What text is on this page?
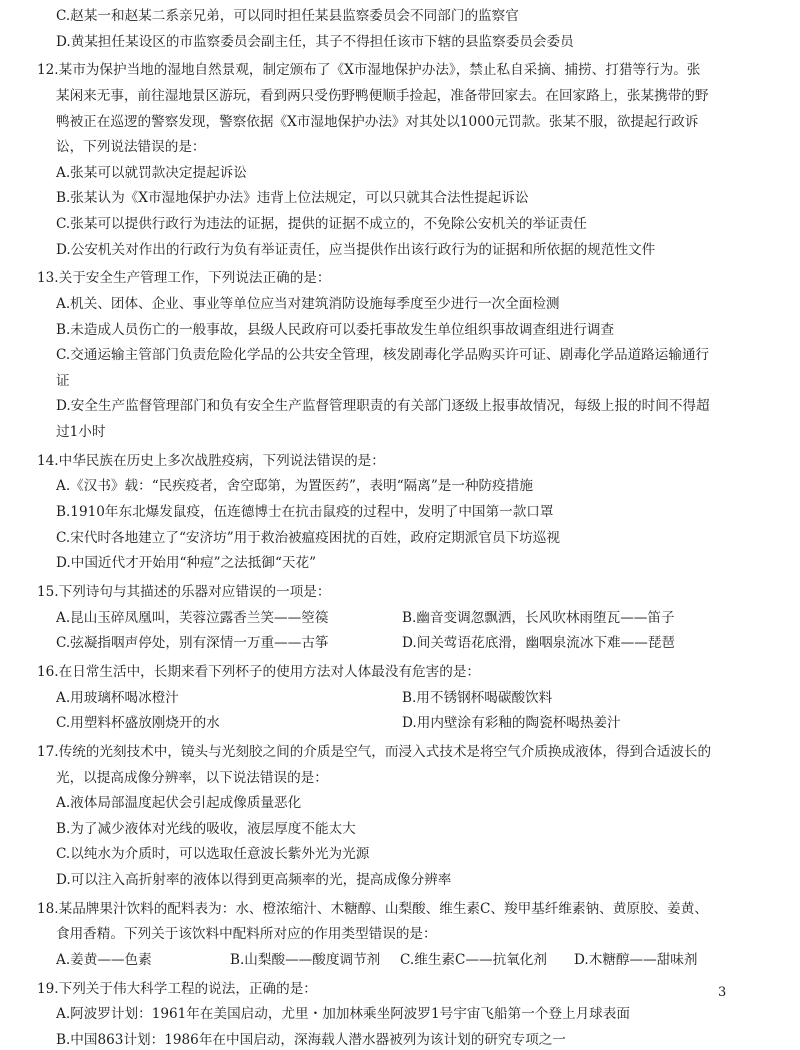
C.赵某一和赵某二系亲兄弟，可以同时担任某县监察委员会不同部门的监察官
D.黄某担任某设区的市监察委员会副主任，其子不得担任该市下辖的县监察委员会委员
12.某市为保护当地的湿地自然景观，制定颁布了《X市湿地保护办法》，禁止私自采摘、捕捞、打猎等行为。张
某闲来无事，前往湿地景区游玩，看到两只受伤野鸭便顺手捡起，准备带回家去。在回家路上，张某携带的野
鸭被正在巡逻的警察发现，警察依据《X市湿地保护办法》对其处以1000元罚款。张某不服，欲提起行政诉
讼，下列说法错误的是：
A.张某可以就罚款决定提起诉讼
B.张某认为《X市湿地保护办法》违背上位法规定，可以只就其合法性提起诉讼
C.张某可以提供行政行为违法的证据，提供的证据不成立的，不免除公安机关的举证责任
D.公安机关对作出的行政行为负有举证责任，应当提供作出该行政行为的证据和所依据的规范性文件
13.关于安全生产管理工作，下列说法正确的是：
A.机关、团体、企业、事业等单位应当对建筑消防设施每季度至少进行一次全面检测
B.未造成人员伤亡的一般事故，县级人民政府可以委托事故发生单位组织事故调查组进行调查
C.交通运输主管部门负责危险化学品的公共安全管理，核发剧毒化学品购买许可证、剧毒化学品道路运输通行
证
D.安全生产监督管理部门和负有安全生产监督管理职责的有关部门逐级上报事故情况，每级上报的时间不得超
过1小时
14.中华民族在历史上多次战胜疫病，下列说法错误的是：
A.《汉书》载：“民疾疫者，舍空邸第，为置医药”，表明“隔离”是一种防疫措施
B.1910年东北爆发鼠疫，伍连德博士在抗击鼠疫的过程中，发明了中国第一款口罩
C.宋代时各地建立了“安济坊”用于救治被瘟疫困扰的百姓，政府定期派官员下坊巡视
D.中国近代才开始用“种痘”之法抵御“天花”
15.下列诗句与其描述的乐器对应错误的一项是：
A.昆山玉碎凤凰叫，芙蓉泣露香兰笑——箜篌	B.幽音变调忽飘洒，长风吹林雨堕瓦——笛子
C.弦凝指咽声停处，别有深情一万重——古筝	D.间关莺语花底滑，幽咽泉流冰下难——琵琶
16.在日常生活中，长期来看下列杯子的使用方法对人体最没有危害的是：
A.用玻璃杯喝冰橙汁	B.用不锈钢杯喝碳酸饮料
C.用塑料杯盛放刚烧开的水	D.用内壁涂有彩釉的陶瓷杯喝热姜汁
17.传统的光刻技术中，镜头与光刻胶之间的介质是空气，而浸入式技术是将空气介质换成液体，得到合适波长的
光，以提高成像分辨率，以下说法错误的是：
A.液体局部温度起伏会引起成像质量恶化
B.为了减少液体对光线的吸收，液层厚度不能太大
C.以纯水为介质时，可以选取任意波长紫外光为光源
D.可以注入高折射率的液体以得到更高频率的光，提高成像分辨率
18.某品牌果汁饮料的配料表为：水、橙浓缩汁、木糖醇、山梨酸、维生素C、羧甲基纤维素钠、黄原胶、姜黄、
食用香精。下列关于该饮料中配料所对应的作用类型错误的是：
A.姜黄——色素	B.山梨酸——酸度调节剂 C.维生素C——抗氧化剂 D.木糖醇——甜味剂
19.下列关于伟大科学工程的说法，正确的是：
A.阿波罗计划：1961年在美国启动，尤里・加加林乘坐阿波罗1号宇宙飞船第一个登上月球表面
B.中国863计划：1986年在中国启动，深海载人潜水器被列为该计划的研究专项之一
3
